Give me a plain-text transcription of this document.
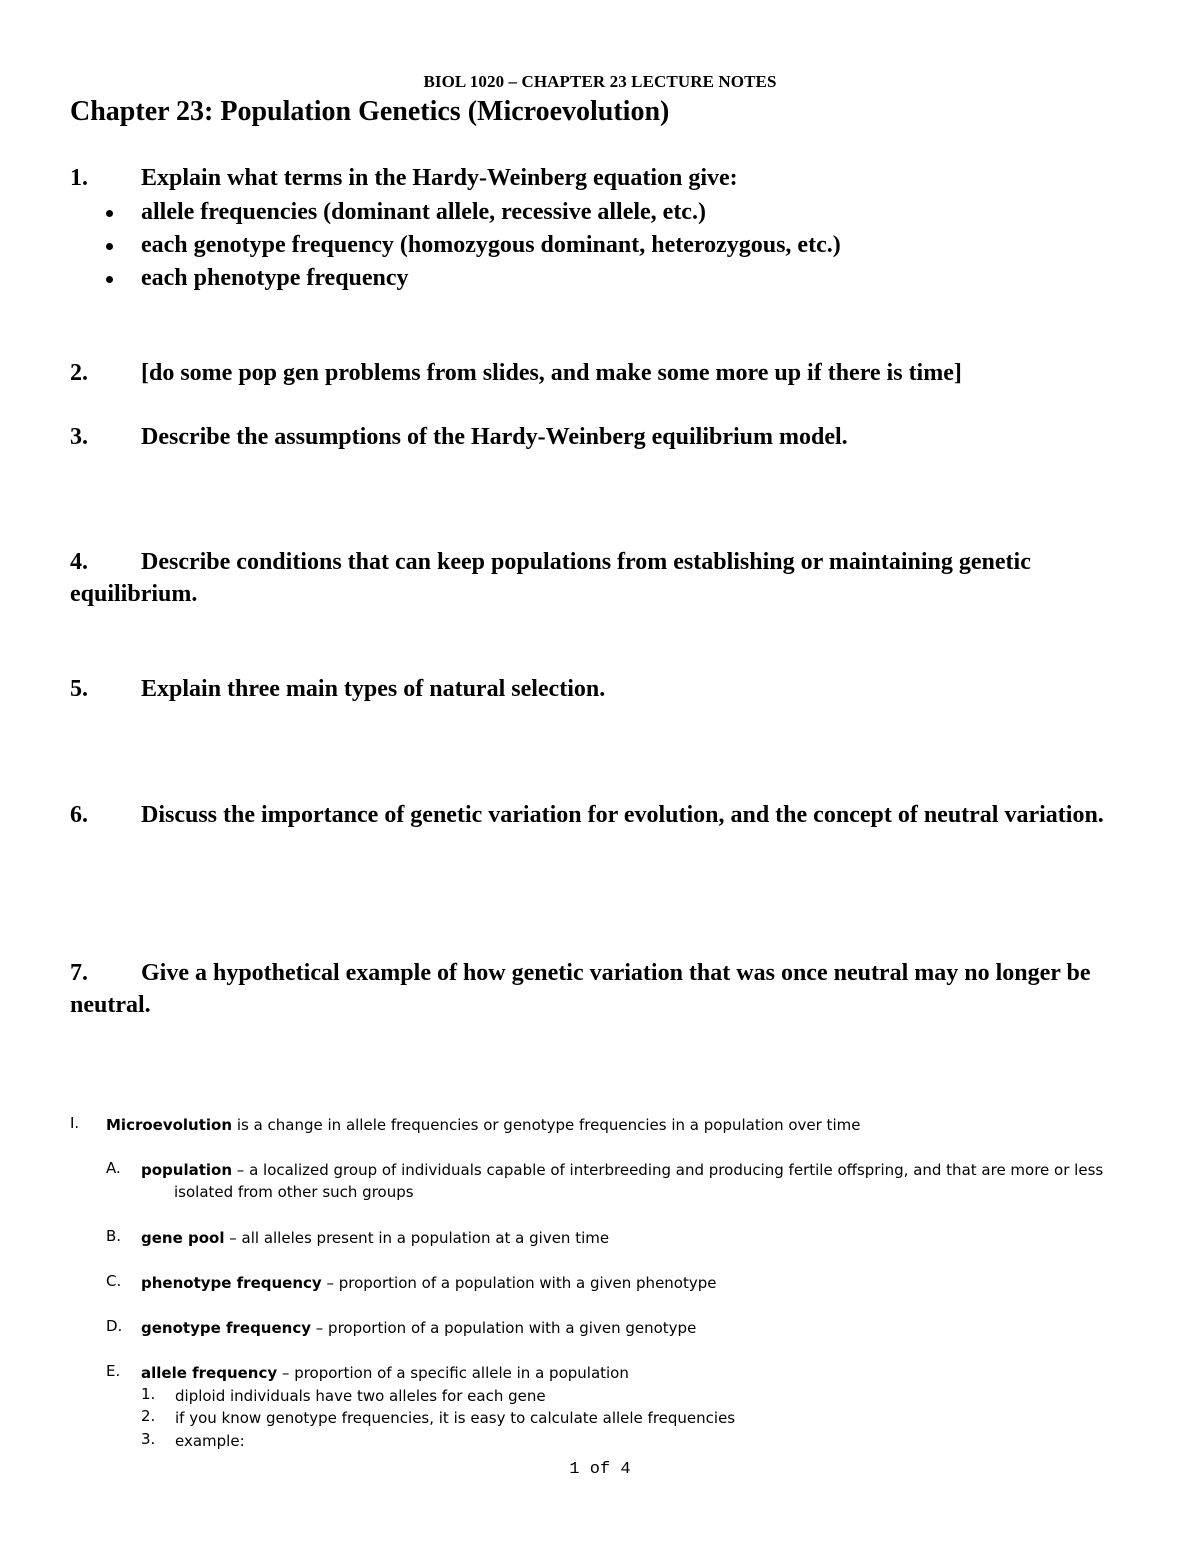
BIOL 1020 – CHAPTER 23 LECTURE NOTES
Chapter 23: Population Genetics (Microevolution)
1. Explain what terms in the Hardy-Weinberg equation give:
allele frequencies (dominant allele, recessive allele, etc.)
each genotype frequency (homozygous dominant, heterozygous, etc.)
each phenotype frequency
2. [do some pop gen problems from slides, and make some more up if there is time]
3. Describe the assumptions of the Hardy-Weinberg equilibrium model.
4. Describe conditions that can keep populations from establishing or maintaining genetic equilibrium.
5. Explain three main types of natural selection.
6. Discuss the importance of genetic variation for evolution, and the concept of neutral variation.
7. Give a hypothetical example of how genetic variation that was once neutral may no longer be neutral.
I. Microevolution is a change in allele frequencies or genotype frequencies in a population over time
A. population – a localized group of individuals capable of interbreeding and producing fertile offspring, and that are more or less isolated from other such groups
B. gene pool – all alleles present in a population at a given time
C. phenotype frequency – proportion of a population with a given phenotype
D. genotype frequency – proportion of a population with a given genotype
E. allele frequency – proportion of a specific allele in a population
1. diploid individuals have two alleles for each gene
2. if you know genotype frequencies, it is easy to calculate allele frequencies
3. example:
1 of 4
